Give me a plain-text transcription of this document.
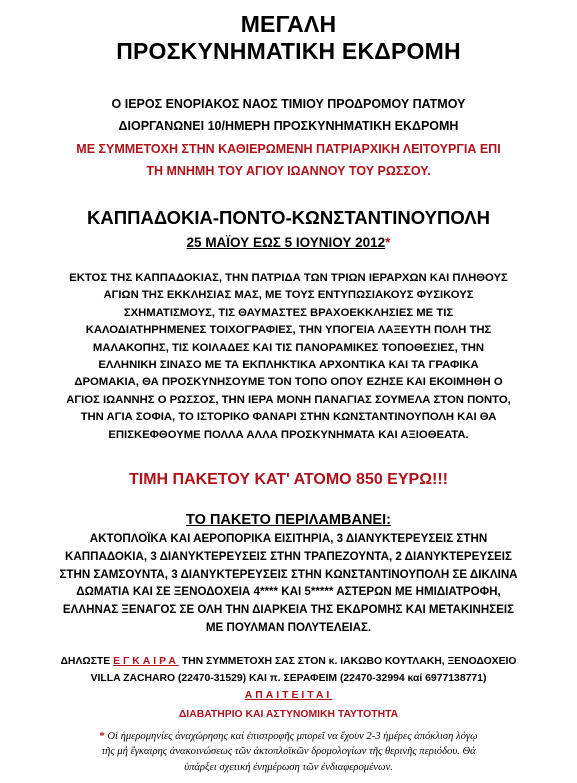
ΜΕΓΑΛΗ

ΠΡΟΣΚΥΝΗΜΑΤΙΚΗ ΕΚΔΡΟΜΗ

Ο ΙΕΡΟΣ ΕΝΟΡΙΑΚΟΣ ΝΑΟΣ ΤΙΜΙΟΥ ΠΡΟΔΡΟΜΟΥ ΠΑΤΜΟΥ

ΔΙΟΡΓΑΝΩΝΕΙ 10/ΗΜΕΡΗ ΠΡΟΣΚΥΝΗΜΑΤΙΚΗ ΕΚΔΡΟΜΗ

ΜΕ ΣΥΜΜΕΤΟΧΗ ΣΤΗΝ ΚΑΘΙΕΡΩΜΕΝΗ ΠΑΤΡΙΑΡΧΙΚΗ ΛΕΙΤΟΥΡΓΙΑ ΕΠΙ

ΤΗ ΜΝΗΜΗ ΤΟΥ ΑΓΙΟΥ ΙΩΑΝΝΟΥ ΤΟΥ ΡΩΣΣΟΥ.

ΚΑΠΠΑΔΟΚΙΑ-ΠΟΝΤΟ-ΚΩΝΣΤΑΝΤΙΝΟΥΠΟΛΗ

25 ΜΑΪΟΥ ΕΩΣ 5 ΙΟΥΝΙΟΥ 2012*

ΕΚΤΟΣ ΤΗΣ ΚΑΠΠΑΔΟΚΙΑΣ, ΤΗΝ ΠΑΤΡΙΔΑ ΤΩΝ ΤΡΙΩΝ ΙΕΡΑΡΧΩΝ ΚΑΙ ΠΛΗΘΟΥΣ

ΑΓΙΩΝ ΤΗΣ ΕΚΚΛΗΣΙΑΣ ΜΑΣ, ΜΕ ΤΟΥΣ ΕΝΤΥΠΩΣΙΑΚΟΥΣ ΦΥΣΙΚΟΥΣ

ΣΧΗΜΑΤΙΣΜΟΥΣ, ΤΙΣ ΘΑΥΜΑΣΤΕΣ ΒΡΑΧΟΕΚΚΛΗΣΙΕΣ ΜΕ ΤΙΣ

ΚΑΛΟΔΙΑΤΗΡΗΜΕΝΕΣ ΤΟΙΧΟΓΡΑΦΙΕΣ, ΤΗΝ ΥΠΟΓΕΙΑ ΛΑΞΕΥΤΗ ΠΟΛΗ ΤΗΣ

ΜΑΛΑΚΟΠΗΣ, ΤΙΣ ΚΟΙΛΑΔΕΣ ΚΑΙ ΤΙΣ ΠΑΝΟΡΑΜΙΚΕΣ ΤΟΠΟΘΕΣΙΕΣ, ΤΗΝ

ΕΛΛΗΝΙΚΗ ΣΙΝΑΣΟ ΜΕ ΤΑ ΕΚΠΛΗΚΤΙΚΑ ΑΡΧΟΝΤΙΚΑ ΚΑΙ ΤΑ ΓΡΑΦΙΚΑ

ΔΡΟΜΑΚΙΑ, ΘΑ ΠΡΟΣΚΥΝΗΣΟΥΜΕ ΤΟΝ ΤΟΠΟ ΟΠΟΥ ΕΖΗΣΕ ΚΑΙ ΕΚΟΙΜΗΘΗ Ο

ΑΓΙΟΣ ΙΩΑΝΝΗΣ Ο ΡΩΣΣΟΣ, ΤΗΝ ΙΕΡΑ ΜΟΝΗ ΠΑΝΑΓΙΑΣ ΣΟΥΜΕΛΑ ΣΤΟΝ ΠΟΝΤΟ,

ΤΗΝ ΑΓΙΑ ΣΟΦΙΑ, ΤΟ ΙΣΤΟΡΙΚΟ ΦΑΝΑΡΙ ΣΤΗΝ ΚΩΝΣΤΑΝΤΙΝΟΥΠΟΛΗ ΚΑΙ ΘΑ

ΕΠΙΣΚΕΦΘΟΥΜΕ ΠΟΛΛΑ ΑΛΛΑ ΠΡΟΣΚΥΝΗΜΑΤΑ ΚΑΙ ΑΞΙΟΘΕΑΤΑ.

ΤΙΜΗ ΠΑΚΕΤΟΥ ΚΑΤ' ΑΤΟΜΟ 850 ΕΥΡΩ!!!

ΤΟ ΠΑΚΕΤΟ ΠΕΡΙΛΑΜΒΑΝΕΙ:

ΑΚΤΟΠΛΟΪΚΑ ΚΑΙ ΑΕΡΟΠΟΡΙΚΑ ΕΙΣΙΤΗΡΙΑ, 3 ΔΙΑΝΥΚΤΕΡΕΥΣΕΙΣ ΣΤΗΝ

ΚΑΠΠΑΔΟΚΙΑ, 3 ΔΙΑΝΥΚΤΕΡΕΥΣΕΙΣ ΣΤΗΝ ΤΡΑΠΕΖΟΥΝΤΑ, 2 ΔΙΑΝΥΚΤΕΡΕΥΣΕΙΣ

ΣΤΗΝ ΣΑΜΣΟΥΝΤΑ, 3 ΔΙΑΝΥΚΤΕΡΕΥΣΕΙΣ ΣΤΗΝ ΚΩΝΣΤΑΝΤΙΝΟΥΠΟΛΗ ΣΕ ΔΙΚΛΙΝΑ

ΔΩΜΑΤΙΑ ΚΑΙ ΣΕ ΞΕΝΟΔΟΧΕΙΑ 4**** ΚΑΙ 5***** ΑΣΤΕΡΩΝ ΜΕ ΗΜΙΔΙΑΤΡΟΦΗ,

ΕΛΛΗΝΑΣ ΞΕΝΑΓΟΣ ΣΕ ΟΛΗ ΤΗΝ ΔΙΑΡΚΕΙΑ ΤΗΣ ΕΚΔΡΟΜΗΣ ΚΑΙ ΜΕΤΑΚΙΝΗΣΕΙΣ

ΜΕ ΠΟΥΛΜΑΝ ΠΟΛΥΤΕΛΕΙΑΣ.

ΔΗΛΩΣΤΕ ΕΓΚΑΙΡΑ ΤΗΝ ΣΥΜΜΕΤΟΧΗ ΣΑΣ ΣΤΟΝ κ. ΙΑΚΩΒΟ ΚΟΥΤΛΑΚΗ, ΞΕΝΟΔΟΧΕΙΟ

VILLA ZACHARO (22470-31529) ΚΑΙ π. ΣΕΡΑΦΕΙΜ (22470-32994 καί 6977138771)

ΑΠΑΙΤΕΙΤΑΙ

ΔΙΑΒΑΤΗΡΙΟ ΚΑΙ ΑΣΤΥΝΟΜΙΚΗ ΤΑΥΤΟΤΗΤΑ

* Οἱ ἡμερομηνίες ἀναχώρησης καί ἐπιστροφῆς μπορεῖ να ἔχουν 2-3 ἡμέρες ἀπόκλιση λόγῳ

τῆς μή ἔγκαιρης ἀνακοινώσεως τῶν ἀκτοπλοϊκῶν δρομολογίων τῆς θερινῆς περιόδου. Θά

ὑπάρξει σχετική ἐνημέρωση τῶν ἐνδιαφερομένων.
